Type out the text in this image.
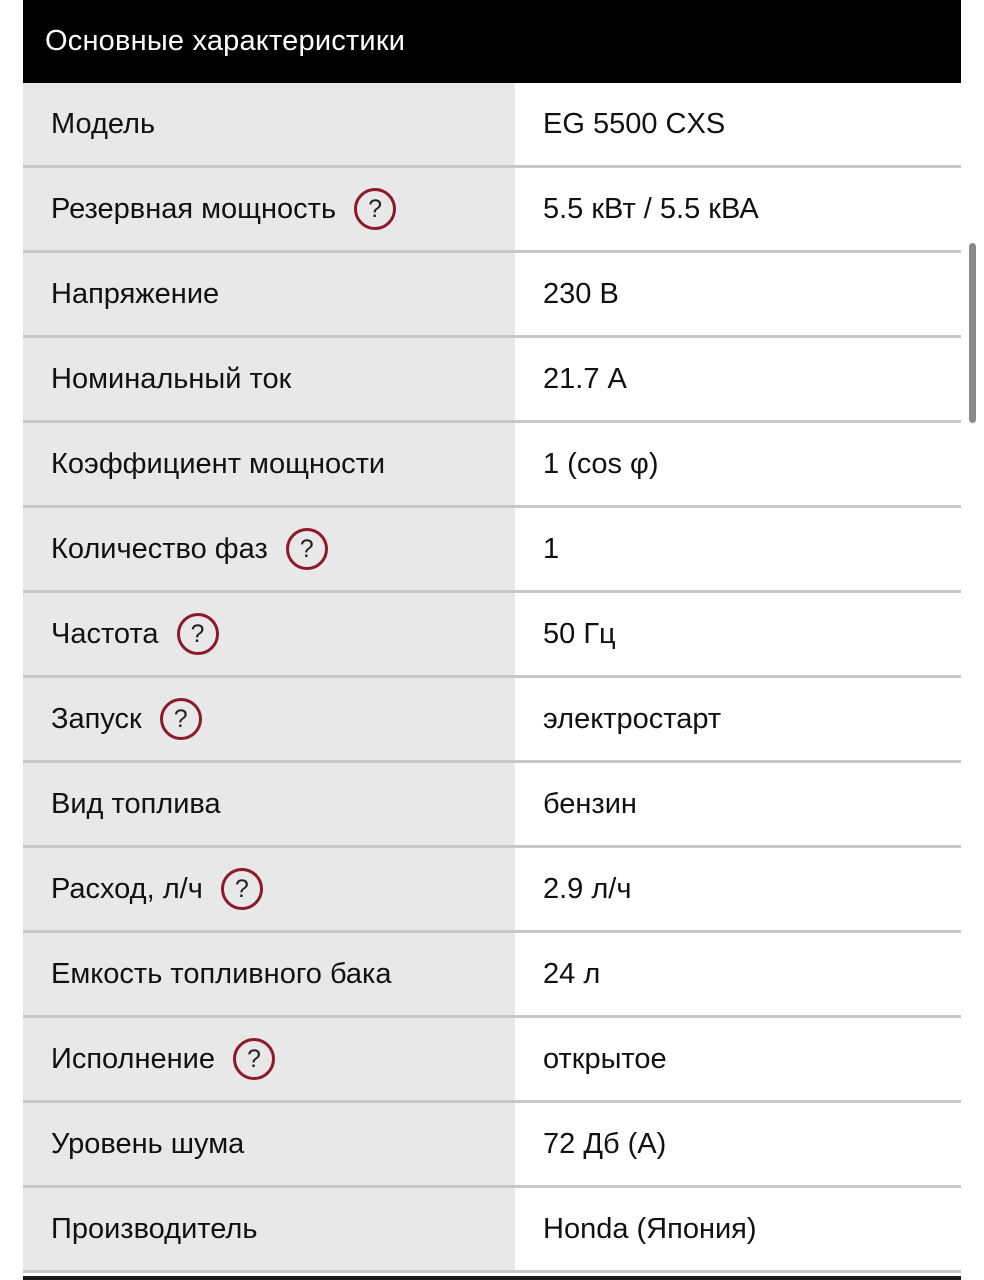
Основные характеристики
Модель	EG 5500 CXS
Резервная мощность	?	5.5 кВт / 5.5 кВА
Напряжение	230 В
Номинальный ток	21.7 А
Коэффициент мощности	1 (cos φ)
Количество фаз	?	1
Частота	?	50 Гц
Запуск	?	электростарт
Вид топлива	бензин
Расход, л/ч	?	2.9 л/ч
Емкость топливного бака	24 л
Исполнение	?	открытое
Уровень шума	72 Дб (А)
Производитель	Honda (Япония)
